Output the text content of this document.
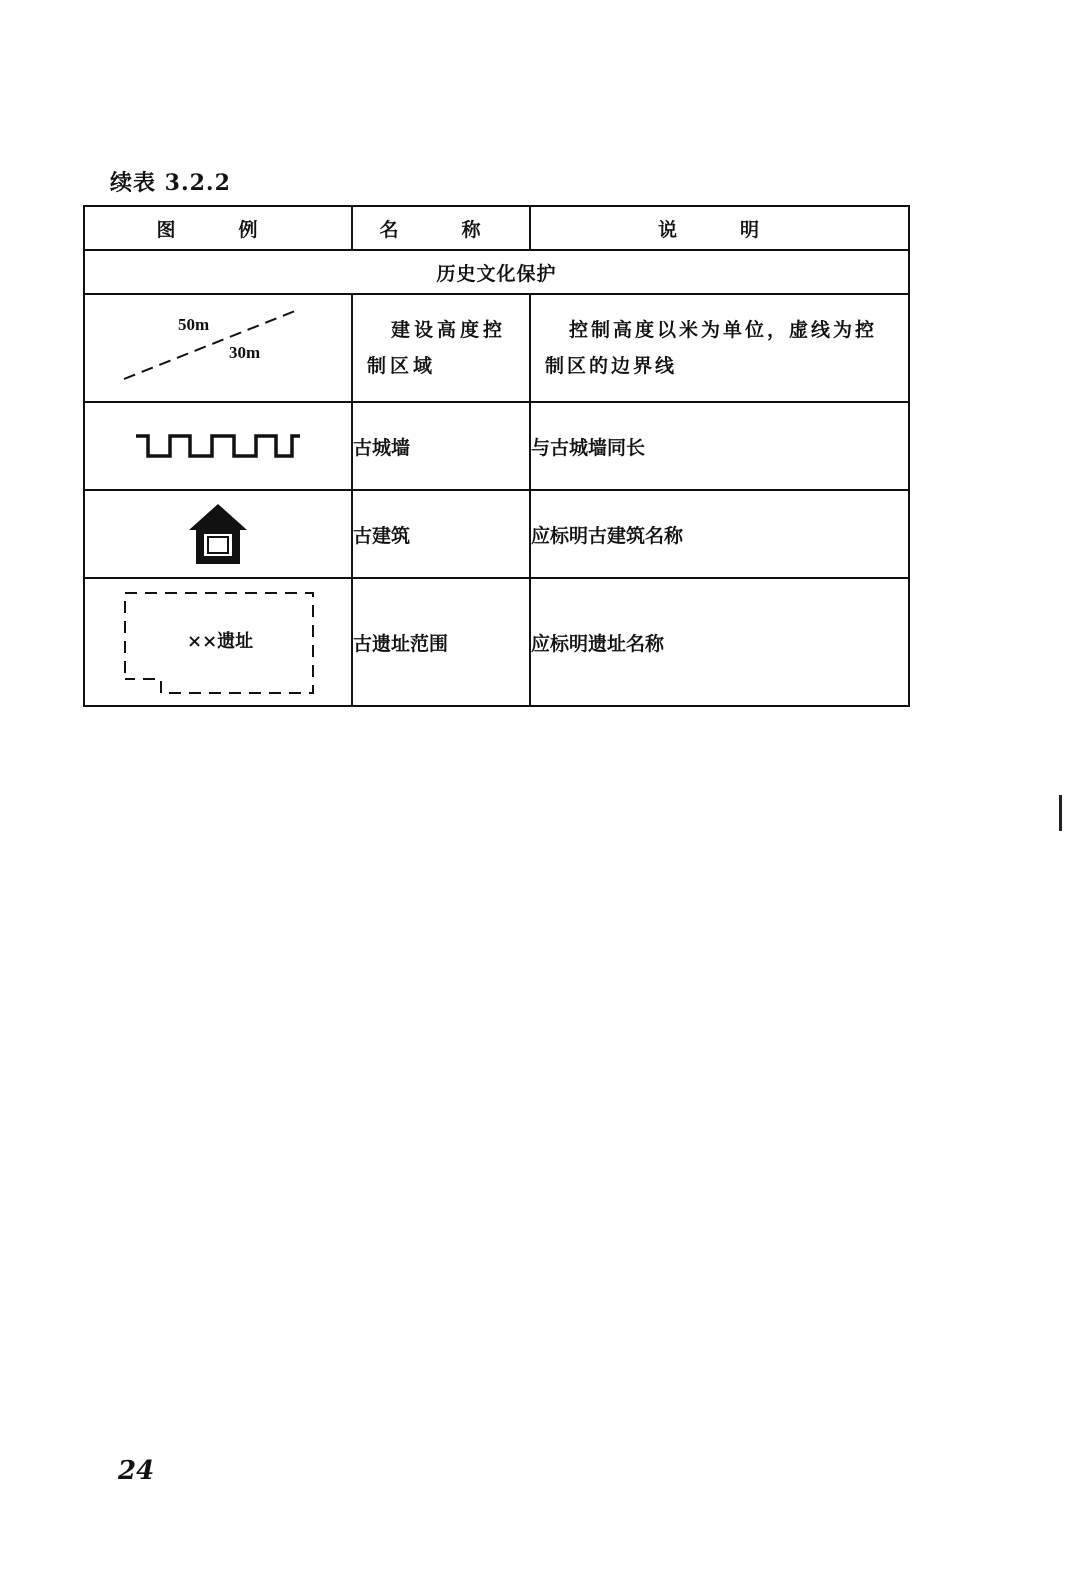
续表 3.2.2
图　例	名　称	说　明
历史文化保护		

50m
30m	建设高度控制区域	控制高度以米为单位，虚线为控制区的边界线

	古城墙	与古城墙同长

	古建筑	应标明古建筑名称

××遗址	古遗址范围	应标明遗址名称
24
